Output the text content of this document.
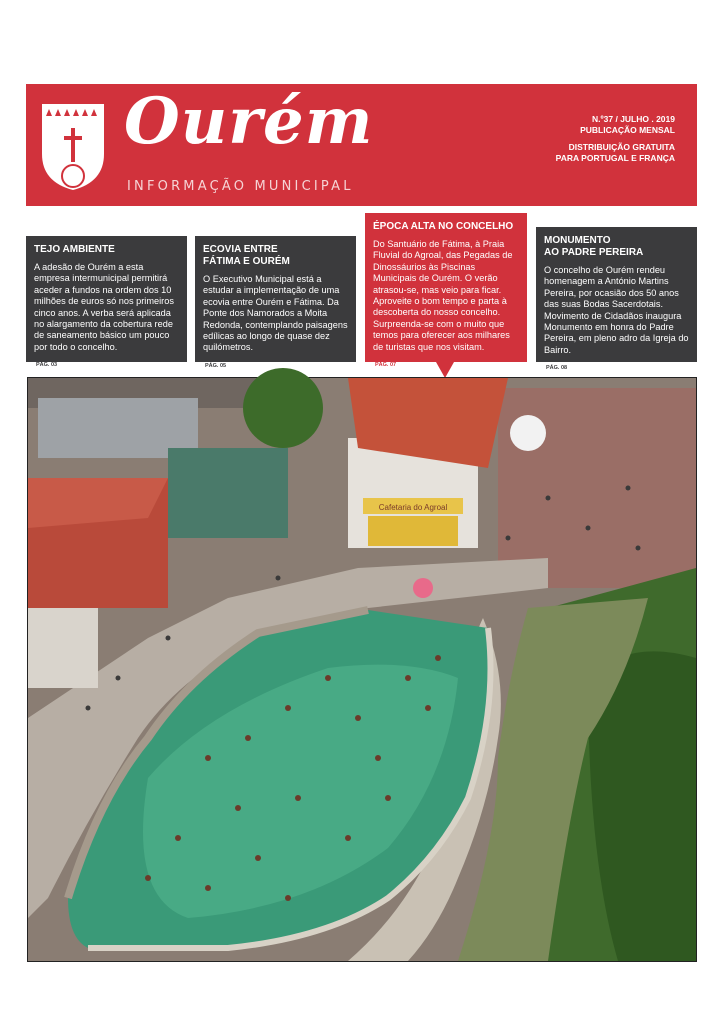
Ourém
INFORMAÇÃO MUNICIPAL
N.º37 / JULHO . 2019
PUBLICAÇÃO MENSAL
DISTRIBUIÇÃO GRATUITA
PARA PORTUGAL E FRANÇA
TEJO AMBIENTE

A adesão de Ourém a esta empresa intermunicipal permitirá aceder a fundos na ordem dos 10 milhões de euros só nos primeiros cinco anos. A verba será aplicada no alargamento da cobertura rede de saneamento básico um pouco por todo o concelho.

PÁG. 03
ECOVIA ENTRE
FÁTIMA E OURÉM

O Executivo Municipal está a estudar a implementação de uma ecovia entre Ourém e Fátima. Da Ponte dos Namorados a Moita Redonda, contemplando paisagens edílicas ao longo de quase dez quilómetros.

PÁG. 05
ÉPOCA ALTA NO CONCELHO

Do Santuário de Fátima, à Praia Fluvial do Agroal, das Pegadas de Dinossáurios às Piscinas Municipais de Ourém. O verão atrasou-se, mas veio para ficar. Aproveite o bom tempo e parta à descoberta do nosso concelho. Surpreenda-se com o muito que temos para oferecer aos milhares de turistas que nos visitam.

PÁG. 07
MONUMENTO
AO PADRE PEREIRA

O concelho de Ourém rendeu homenagem a António Martins Pereira, por ocasião dos 50 anos das suas Bodas Sacerdotais. Movimento de Cidadãos inaugura Monumento em honra do Padre Pereira, em pleno adro da Igreja do Bairro.

PÁG. 08
Cafetaria do Agroal
